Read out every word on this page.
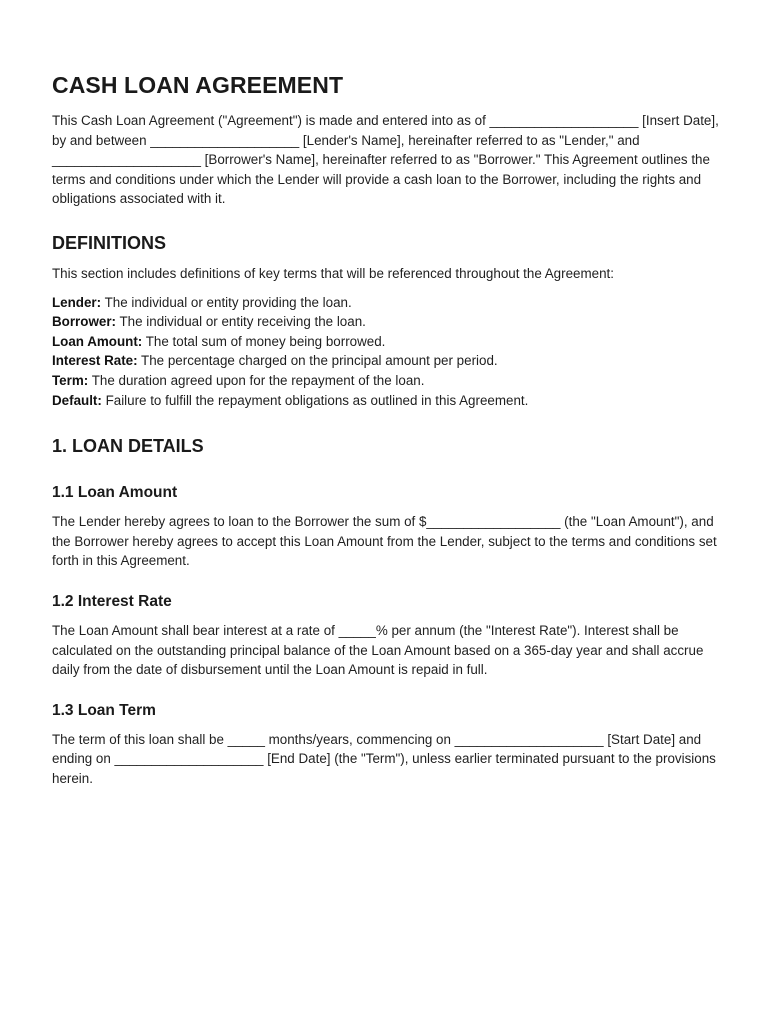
CASH LOAN AGREEMENT

This Cash Loan Agreement ("Agreement") is made and entered into as of ____________________ [Insert Date], by and between ____________________ [Lender's Name], hereinafter referred to as "Lender," and ____________________ [Borrower's Name], hereinafter referred to as "Borrower." This Agreement outlines the terms and conditions under which the Lender will provide a cash loan to the Borrower, including the rights and obligations associated with it.

DEFINITIONS

This section includes definitions of key terms that will be referenced throughout the Agreement:

Lender: The individual or entity providing the loan.
Borrower: The individual or entity receiving the loan.
Loan Amount: The total sum of money being borrowed.
Interest Rate: The percentage charged on the principal amount per period.
Term: The duration agreed upon for the repayment of the loan.
Default: Failure to fulfill the repayment obligations as outlined in this Agreement.
1. LOAN DETAILS
1.1 Loan Amount

The Lender hereby agrees to loan to the Borrower the sum of $__________________ (the "Loan Amount"), and the Borrower hereby agrees to accept this Loan Amount from the Lender, subject to the terms and conditions set forth in this Agreement.

1.2 Interest Rate

The Loan Amount shall bear interest at a rate of _____% per annum (the "Interest Rate"). Interest shall be calculated on the outstanding principal balance of the Loan Amount based on a 365-day year and shall accrue daily from the date of disbursement until the Loan Amount is repaid in full.

1.3 Loan Term

The term of this loan shall be _____ months/years, commencing on ____________________ [Start Date] and ending on ____________________ [End Date] (the "Term"), unless earlier terminated pursuant to the provisions herein.
